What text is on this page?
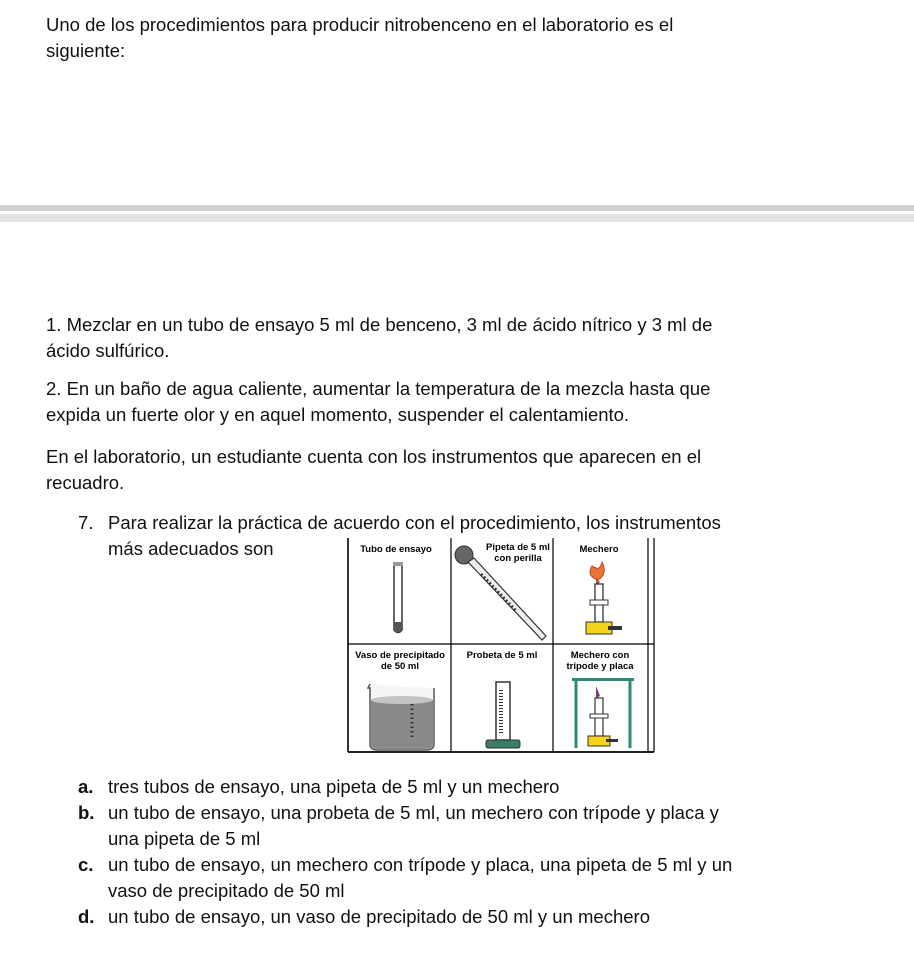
Uno de los procedimientos para producir nitrobenceno en el laboratorio es el

siguiente:

1. Mezclar en un tubo de ensayo 5 ml de benceno, 3 ml de ácido nítrico y 3 ml de

ácido sulfúrico.

2. En un baño de agua caliente, aumentar la temperatura de la mezcla hasta que

expida un fuerte olor y en aquel momento, suspender el calentamiento.

En el laboratorio, un estudiante cuenta con los instrumentos que aparecen en el

recuadro.

7. Para realizar la práctica de acuerdo con el procedimiento, los instrumentos
más adecuados son	Tubo de ensayo	Pipeta de 5 ml
con perilla
Mechero
Vaso de precipitado
de 50 ml
Probeta de 5 ml	Mechero con
trípode y placa
a. tres tubos de ensayo, una pipeta de 5 ml y un mechero
b. un tubo de ensayo, una probeta de 5 ml, un mechero con trípode y placa y
una pipeta de 5 ml
c. un tubo de ensayo, un mechero con trípode y placa, una pipeta de 5 ml y un
vaso de precipitado de 50 ml
d. un tubo de ensayo, un vaso de precipitado de 50 ml y un mechero
